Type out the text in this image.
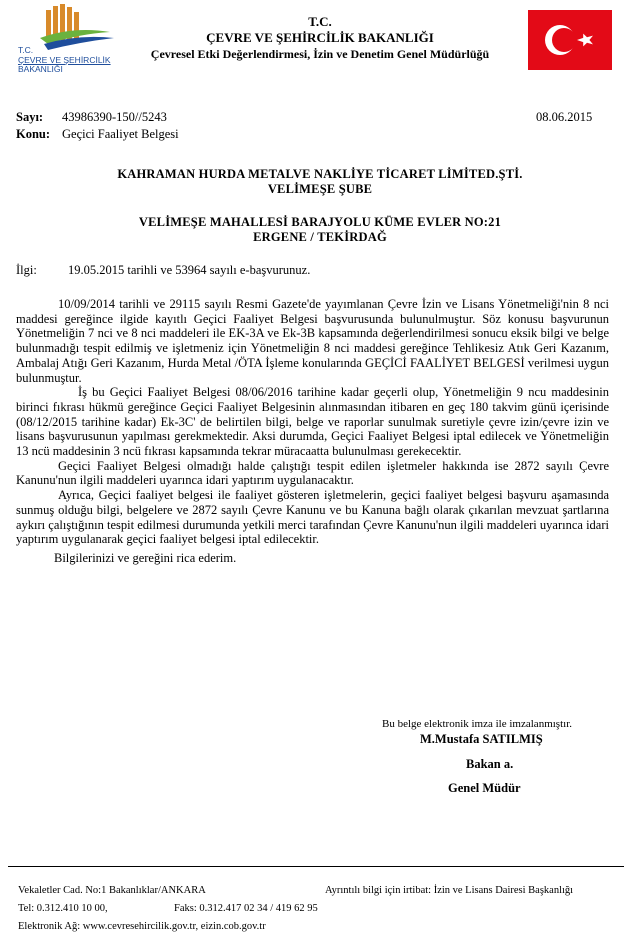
T.C.
ÇEVRE VE ŞEHİRCİLİK
BAKANLIĞI
T.C.
ÇEVRE VE ŞEHİRCİLİK BAKANLIĞI
Çevresel Etki Değerlendirmesi, İzin ve Denetim Genel Müdürlüğü
Sayı: 43986390-150//5243	08.06.2015
Konu: Geçici Faaliyet Belgesi
KAHRAMAN HURDA METALVE NAKLİYE TİCARET LİMİTED.ŞTİ.
VELİMEŞE ŞUBE
VELİMEŞE MAHALLESİ BARAJYOLU KÜME EVLER NO:21
ERGENE / TEKİRDAĞ
İlgi: 19.05.2015 tarihli ve 53964 sayılı e-başvurunuz.

10/09/2014 tarihli ve 29115 sayılı Resmi Gazete'de yayımlanan Çevre İzin ve Lisans Yönetmeliği'nin 8 nci maddesi gereğince ilgide kayıtlı Geçici Faaliyet Belgesi başvurusunda bulunulmuştur. Söz konusu başvurunun Yönetmeliğin 7 nci ve 8 nci maddeleri ile EK-3A ve Ek-3B kapsamında değerlendirilmesi sonucu eksik bilgi ve belge bulunmadığı tespit edilmiş ve işletmeniz için Yönetmeliğin 8 nci maddesi gereğince Tehlikesiz Atık Geri Kazanım, Ambalaj Atığı Geri Kazanım, Hurda Metal /ÖTA İşleme konularında GEÇİCİ FAALİYET BELGESİ verilmesi uygun bulunmuştur.

İş bu Geçici Faaliyet Belgesi 08/06/2016 tarihine kadar geçerli olup, Yönetmeliğin 9 ncu maddesinin birinci fıkrası hükmü gereğince Geçici Faaliyet Belgesinin alınmasından itibaren en geç 180 takvim günü içerisinde (08/12/2015 tarihine kadar) Ek-3C' de belirtilen bilgi, belge ve raporlar sunulmak suretiyle çevre izin/çevre izin ve lisans başvurusunun yapılması gerekmektedir. Aksi durumda, Geçici Faaliyet Belgesi iptal edilecek ve Yönetmeliğin 13 ncü maddesinin 3 ncü fıkrası kapsamında tekrar müracaatta bulunulması gerekecektir.

Geçici Faaliyet Belgesi olmadığı halde çalıştığı tespit edilen işletmeler hakkında ise 2872 sayılı Çevre Kanunu'nun ilgili maddeleri uyarınca idari yaptırım uygulanacaktır.

Ayrıca, Geçici faaliyet belgesi ile faaliyet gösteren işletmelerin, geçici faaliyet belgesi başvuru aşamasında sunmuş olduğu bilgi, belgelere ve 2872 sayılı Çevre Kanunu ve bu Kanuna bağlı olarak çıkarılan mevzuat şartlarına aykırı çalıştığının tespit edilmesi durumunda yetkili merci tarafından Çevre Kanunu'nun ilgili maddeleri uyarınca idari yaptırım uygulanarak geçici faaliyet belgesi iptal edilecektir.

Bilgilerinizi ve gereğini rica ederim.

Bu belge elektronik imza ile imzalanmıştır.
M.Mustafa SATILMIŞ
Bakan a.
Genel Müdür
Vekaletler Cad. No:1 Bakanlıklar/ANKARA	Ayrıntılı bilgi için irtibat: İzin ve Lisans Dairesi Başkanlığı
Tel: 0.312.410 10 00,	Faks: 0.312.417 02 34 / 419 62 95
Elektronik Ağ: www.cevresehircilik.gov.tr, eizin.cob.gov.tr
